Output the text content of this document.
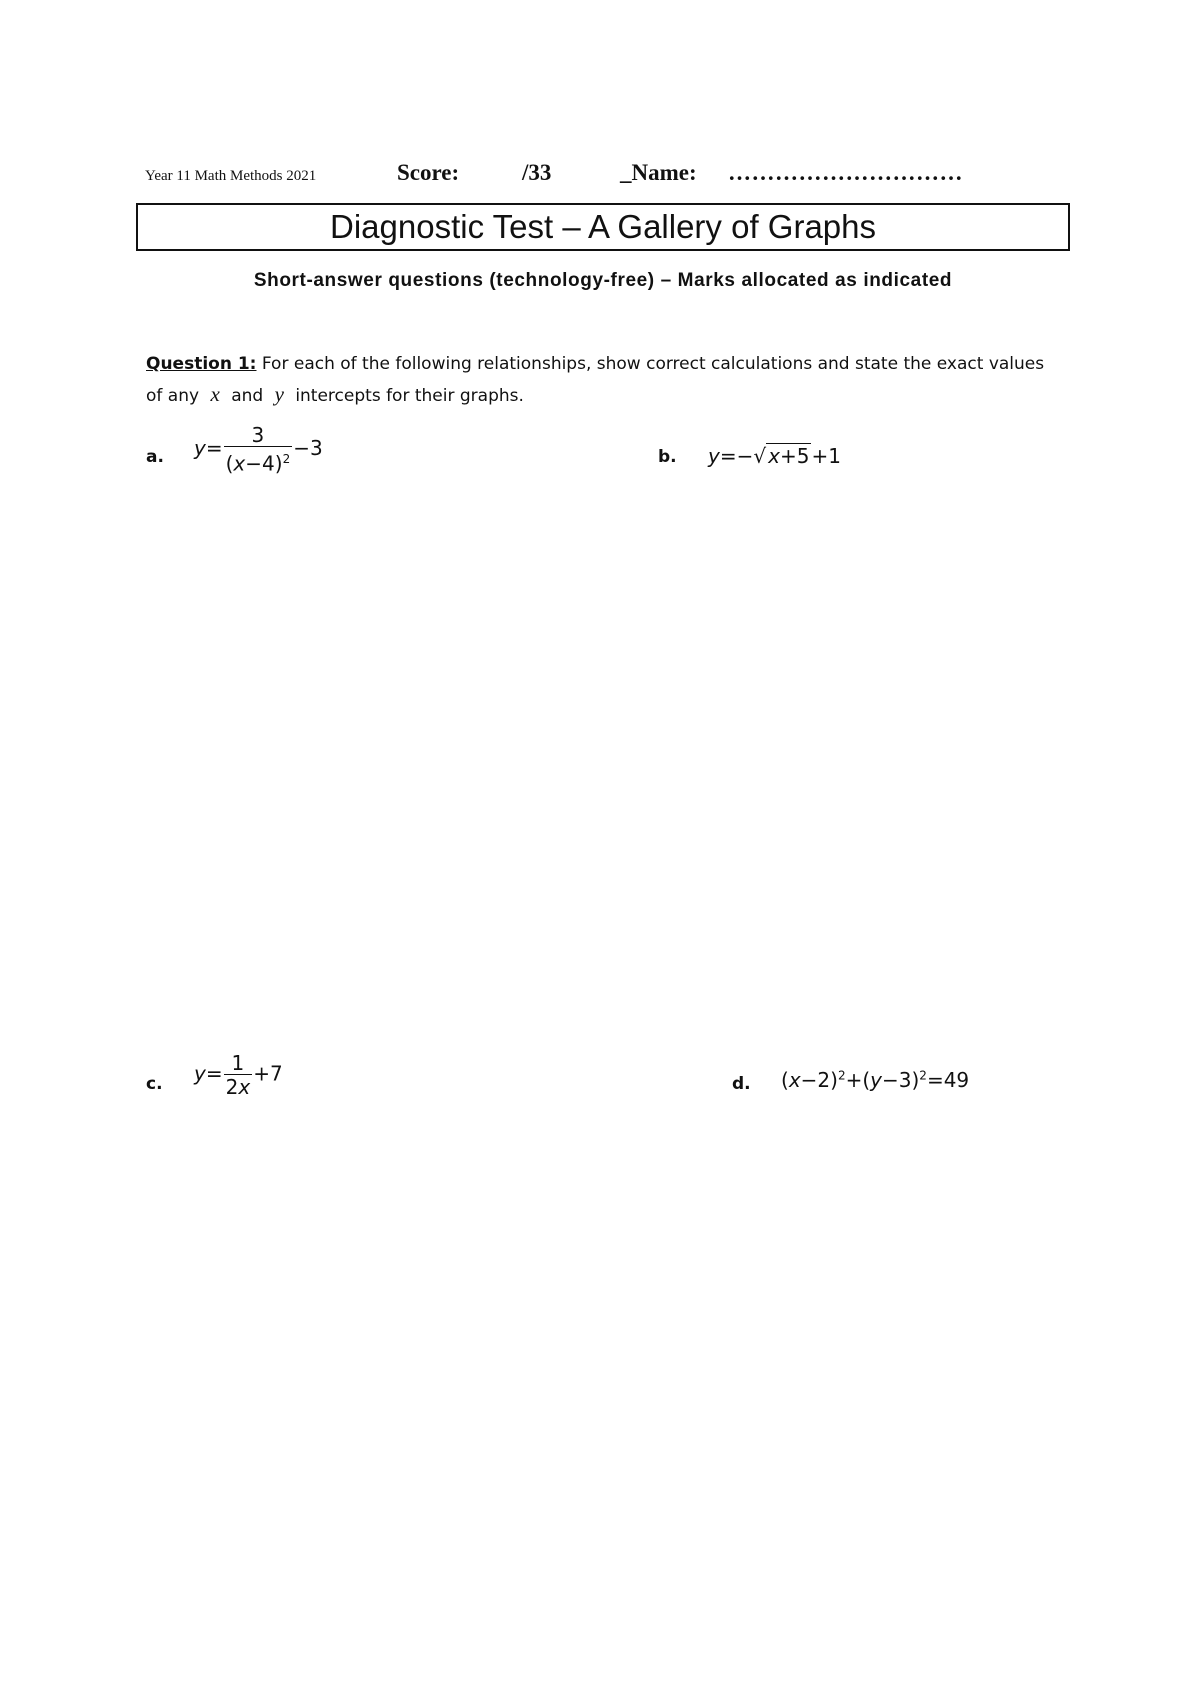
Year 11 Math Methods 2021	Score:	/33	_Name: …………………………
Diagnostic Test – A Gallery of Graphs
Short-answer questions (technology-free) – Marks allocated as indicated
Question 1: For each of the following relationships, show correct calculations and state the exact values of any x and y intercepts for their graphs.
a. $y= \frac{3}{(x-4)^2} -3$	b. y=−√ x+5 +1
c. $y= \frac{1}{2x} +7$	d. $(x-2)^2+(y-3)^2=49$
